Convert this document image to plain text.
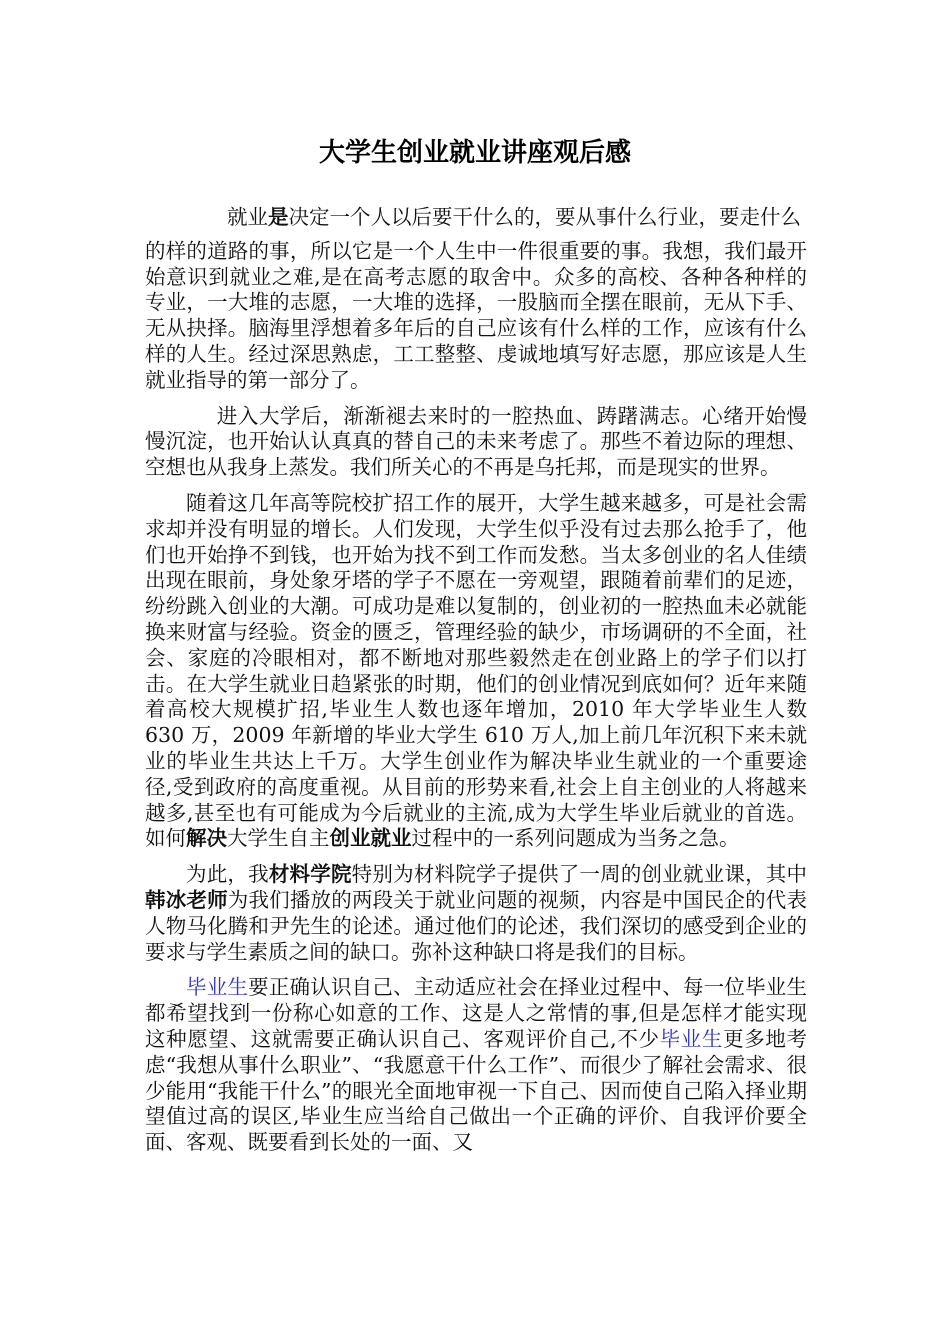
大学生创业就业讲座观后感

就业是决定一个人以后要干什么的，要从事什么行业，要走什么
的样的道路的事，所以它是一个人生中一件很重要的事。我想，我们最开始意识到就业之难,是在高考志愿的取舍中。众多的高校、各种各种样的专业，一大堆的志愿，一大堆的选择，一股脑而全摆在眼前，无从下手、无从抉择。脑海里浮想着多年后的自己应该有什么样的工作，应该有什么样的人生。经过深思熟虑，工工整整、虔诚地填写好志愿，那应该是人生就业指导的第一部分了。

进入大学后，渐渐褪去来时的一腔热血、踌躇满志。心绪开始慢慢沉淀，也开始认认真真的替自己的未来考虑了。那些不着边际的理想、空想也从我身上蒸发。我们所关心的不再是乌托邦，而是现实的世界。

随着这几年高等院校扩招工作的展开，大学生越来越多，可是社会需求却并没有明显的增长。人们发现，大学生似乎没有过去那么抢手了，他们也开始挣不到钱，也开始为找不到工作而发愁。当太多创业的名人佳绩出现在眼前，身处象牙塔的学子不愿在一旁观望，跟随着前辈们的足迹，纷纷跳入创业的大潮。可成功是难以复制的，创业初的一腔热血未必就能换来财富与经验。资金的匮乏，管理经验的缺少，市场调研的不全面，社会、家庭的冷眼相对，都不断地对那些毅然走在创业路上的学子们以打击。在大学生就业日趋紧张的时期，他们的创业情况到底如何？近年来随着高校大规模扩招,毕业生人数也逐年增加，2010 年大学毕业生人数 630 万，2009 年新增的毕业大学生 610 万人,加上前几年沉积下来未就业的毕业生共达上千万。大学生创业作为解决毕业生就业的一个重要途径,受到政府的高度重视。从目前的形势来看,社会上自主创业的人将越来越多,甚至也有可能成为今后就业的主流,成为大学生毕业后就业的首选。如何解决大学生自主创业就业过程中的一系列问题成为当务之急。

为此，我材料学院特别为材料院学子提供了一周的创业就业课，其中韩冰老师为我们播放的两段关于就业问题的视频，内容是中国民企的代表人物马化腾和尹先生的论述。通过他们的论述，我们深切的感受到企业的要求与学生素质之间的缺口。弥补这种缺口将是我们的目标。

毕业生要正确认识自己、主动适应社会在择业过程中、每一位毕业生都希望找到一份称心如意的工作、这是人之常情的事,但是怎样才能实现这种愿望、这就需要正确认识自己、客观评价自己,不少毕业生更多地考虑“我想从事什么职业”、“我愿意干什么工作”、而很少了解社会需求、很少能用“我能干什么”的眼光全面地审视一下自己、因而使自己陷入择业期望值过高的误区,毕业生应当给自己做出一个正确的评价、自我评价要全面、客观、既要看到长处的一面、又
